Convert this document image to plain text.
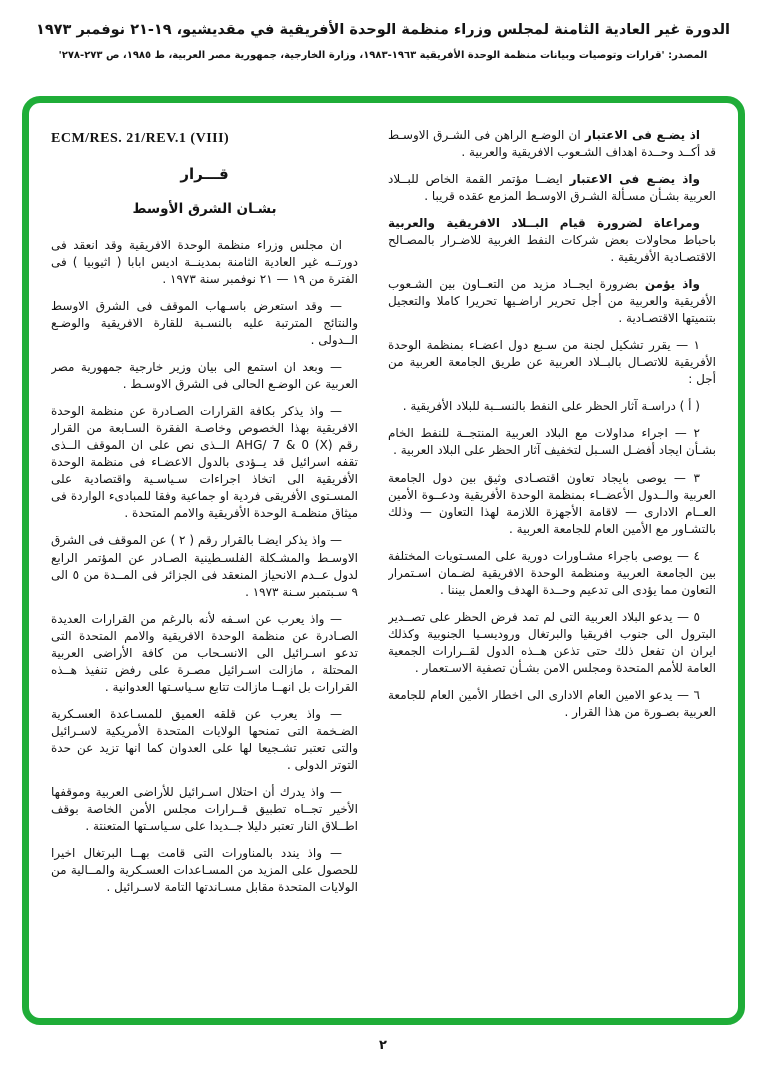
الدورة غير العادية الثامنة لمجلس وزراء منظمة الوحدة الأفريقية في مقديشيو، ١٩-٢١ نوفمبر ١٩٧٣
المصدر: 'قرارات وتوصيات وبيانات منظمة الوحدة الأفريقية ١٩٦٣-١٩٨٣، وزارة الخارجية، جمهورية مصر العربية، ط ١٩٨٥، ص ٢٧٣-٢٧٨'
ECM/RES. 21/REV.1 (VIII)
قـــرار
بشـان الشرق الأوسط

ان مجلس وزراء منظمة الوحدة الافريقية وقد انعقد فى دورتــه غير العادية الثامنة بمدينــة اديس ابابا ( اثيوبيا ) فى الفترة من ١٩ — ٢١ نوفمبر سنة ١٩٧٣ .

— وقد استعرض باسـهاب الموقف فى الشرق الاوسط والنتائج المترتبة عليه بالنسـبة للقارة الافريقية والوضـع الــدولى .

— وبعد ان استمع الى بيان وزير خارجية جمهورية مصر العربية عن الوضـع الحالى فى الشرق الاوسـط .

— واذ يذكر بكافة القرارات الصـادرة عن منظمة الوحدة الافريقية بهذا الخصوص وخاصـة الفقرة السـابعة من القرار رقم AHG/ 7 & 0 (X) الــذى نص على ان الموقف الــذى تقفه اسرائيل قد يــؤدى بالدول الاعضـاء فى منظمة الوحدة الأفريقية الى اتخاذ اجراءات سـياسـية واقتصادية على المسـتوى الأفريقى فردية او جماعية وفقا للمبادىء الواردة فى ميثاق منظمـة الوحدة الأفريقية والامم المتحدة .

— واذ يذكر ايضـا بالقرار رقم ( ٢ ) عن الموقف فى الشرق الاوسـط والمشـكلة الفلسـطينية الصـادر عن المؤتمر الرابع لدول عــدم الانحياز المنعقد فى الجزائر فى المــدة من ٥ الى ٩ سـبتمبر سـنة ١٩٧٣ .

— واذ يعرب عن اسـفه لأنه بالرغم من القرارات العديدة الصـادرة عن منظمة الوحدة الافريقية والامم المتحدة التى تدعو اسـرائيل الى الانسـحاب من كافة الأراضى العربية المحتلة ، مازالت اسـرائيل مصـرة على رفض تنفيذ هــذه القرارات بل انهــا مازالت تتابع سـياسـتها العدوانية .

— واذ يعرب عن قلقه العميق للمسـاعدة العسـكرية الضـخمة التى تمنحها الولايات المتحدة الأمريكية لاسـرائيل والتى تعتبر تشـجيعا لها على العدوان كما انها تزيد عن حدة التوتر الدولى .

— واذ يدرك أن احتلال اسـرائيل للأراضى العربية وموقفها الأخير تجــاه تطبيق قــرارات مجلس الأمن الخاصة بوقف اطــلاق النار تعتبر دليلا جــديدا على سـياسـتها المتعنتة .

— واذ يندد بالمناورات التى قامت بهــا البرتغال اخيرا للحصول على المزيد من المسـاعدات العسـكرية والمــالية من الولايات المتحدة مقابل مسـاندتها التامة لاسـرائيل .

اذ يضـع فى الاعتبار ان الوضـع الراهن فى الشـرق الاوسـط قد أكــد وحــدة اهداف الشـعوب الافريقية والعربية .

واذ يضـع فى الاعتبار ايضــا مؤتمر القمة الخاص للبــلاد العربية بشـأن مسـألة الشـرق الاوسـط المزمع عقده قريبا .

ومراعاة لضرورة قيام البــلاد الافريقية والعربية باحباط محاولات بعض شركات النفط الغربية للاضـرار بالمصـالح الاقتصـادية الأفريقية .

واذ يؤمن بضرورة ايجــاد مزيد من التعــاون بين الشـعوب الأفريقية والعربية من أجل تحرير اراضـيها تحريرا كاملا والتعجيل بتنميتها الاقتصـادية .

١ — يقرر تشكيل لجنة من سـبع دول اعضـاء بمنظمة الوحدة الأفريقية للاتصـال بالبــلاد العربية عن طريق الجامعة العربية من أجل :

( أ ) دراسـة آثار الحظر على النفط بالنســبة للبلاد الأفريقية .

٢ — اجراء مداولات مع البلاد العربية المنتجــة للنفط الخام بشـأن ايجاد أفضـل السـبل لتخفيف آثار الحظر على البلاد العربية .

٣ — يوصى بايجاد تعاون اقتصـادى وثيق بين دول الجامعة العربية والــدول الأعضــاء بمنظمة الوحدة الأفريقية ودعــوة الأمين العــام الادارى — لاقامة الأجهزة اللازمة لهذا التعاون — وذلك بالتشـاور مع الأمين العام للجامعة العربية .

٤ — يوصى باجراء مشـاورات دورية على المسـتويات المختلفة بين الجامعة العربية ومنظمة الوحدة الافريقية لضـمان اسـتمرار التعاون مما يؤدى الى تدعيم وحــدة الهدف والعمل بيننا .

٥ — يدعو البلاد العربية التى لم تمد فرض الحظر على تصــدير البترول الى جنوب افريقيا والبرتغال وروديسـيا الجنوبية وكذلك ايران ان تفعل ذلك حتى تذعن هــذه الدول لقــرارات الجمعية العامة للأمم المتحدة ومجلس الامن بشـأن تصفية الاسـتعمار .

٦ — يدعو الامين العام الادارى الى اخطار الأمين العام للجامعة العربية بصـورة من هذا القرار .

٢
